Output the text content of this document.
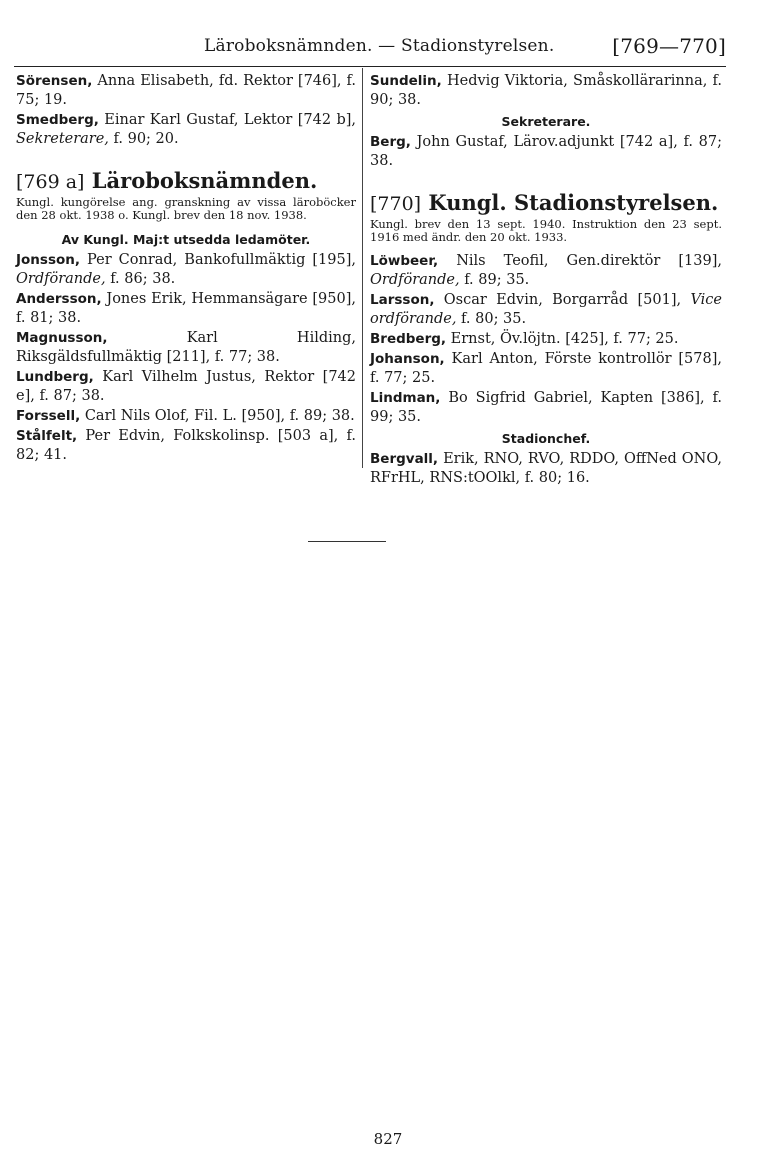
Läroboksnämnden. — Stadionstyrelsen.	[769—770]
Sörensen, Anna Elisabeth, fd. Rektor [746], f. 75; 19.
Smedberg, Einar Karl Gustaf, Lektor [742 b], Sekreterare, f. 90; 20.
[769 a] Läroboksnämnden.
Kungl. kungörelse ang. granskning av vissa läroböcker den 28 okt. 1938 o. Kungl. brev den 18 nov. 1938.
Av Kungl. Maj:t utsedda ledamöter.
Jonsson, Per Conrad, Bankofullmäktig [195], Ordförande, f. 86; 38.
Andersson, Jones Erik, Hemmansägare [950], f. 81; 38.
Magnusson, Karl Hilding, Riksgäldsfullmäktig [211], f. 77; 38.
Lundberg, Karl Vilhelm Justus, Rektor [742 e], f. 87; 38.
Forssell, Carl Nils Olof, Fil. L. [950], f. 89; 38.
Stålfelt, Per Edvin, Folkskolinsp. [503 a], f. 82; 41.
Sundelin, Hedvig Viktoria, Småskollärarinna, f. 90; 38.
Sekreterare.
Berg, John Gustaf, Lärov.adjunkt [742 a], f. 87; 38.
[770] Kungl. Stadionstyrelsen.
Kungl. brev den 13 sept. 1940. Instruktion den 23 sept. 1916 med ändr. den 20 okt. 1933.
Löwbeer, Nils Teofil, Gen.direktör [139], Ordförande, f. 89; 35.
Larsson, Oscar Edvin, Borgarråd [501], Vice ordförande, f. 80; 35.
Bredberg, Ernst, Öv.löjtn. [425], f. 77; 25.
Johanson, Karl Anton, Förste kontrollör [578], f. 77; 25.
Lindman, Bo Sigfrid Gabriel, Kapten [386], f. 99; 35.
Stadionchef.
Bergvall, Erik, RNO, RVO, RDDO, OffNed ONO, RFrHL, RNS:tOOlkl, f. 80; 16.
827
